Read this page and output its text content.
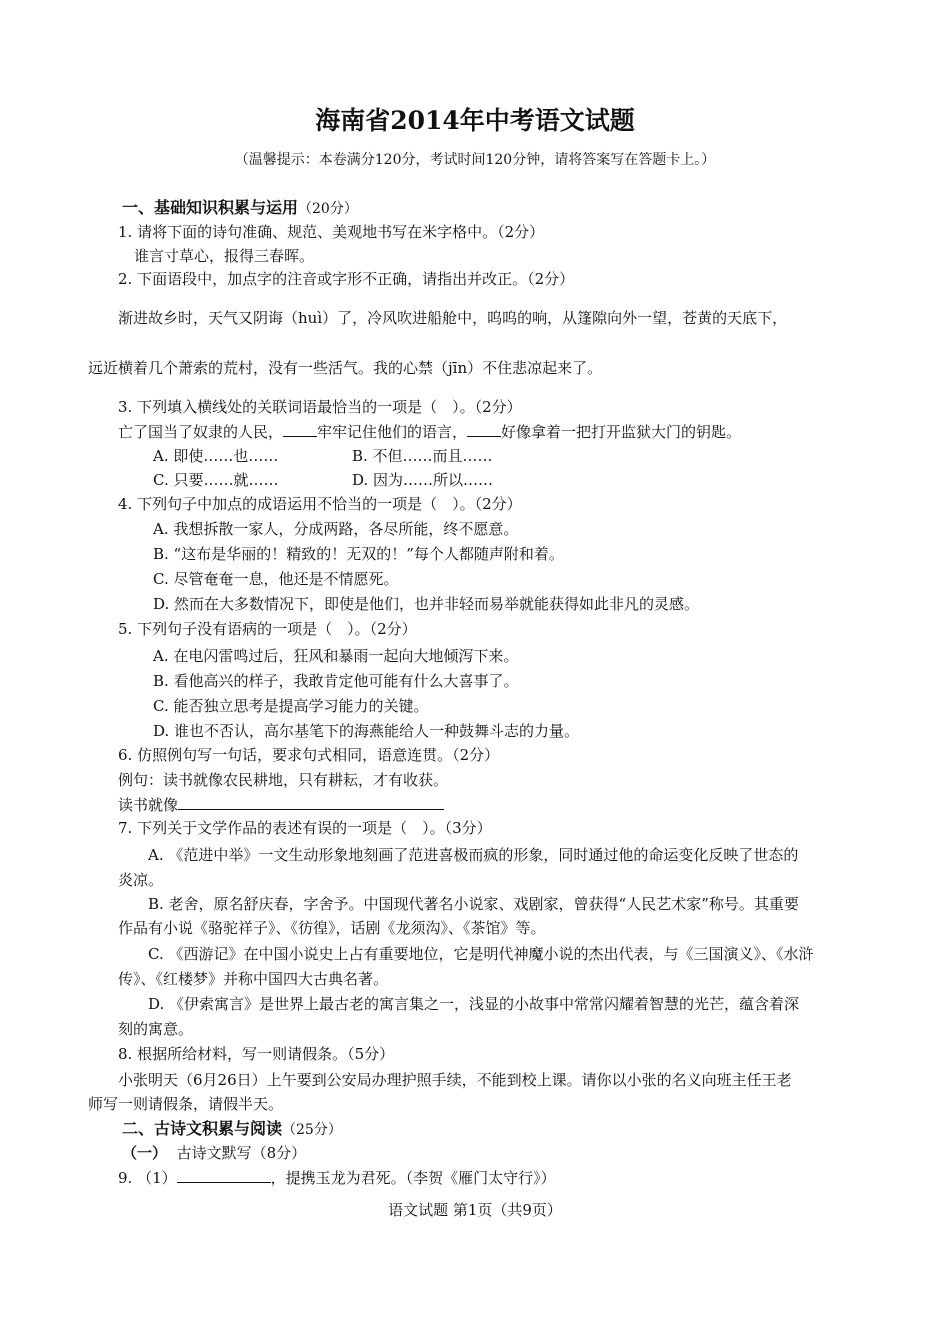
海南省2014年中考语文试题
（温馨提示：本卷满分120分，考试时间120分钟，请将答案写在答题卡上。）
一、基础知识积累与运用（20分）
1. 请将下面的诗句准确、规范、美观地书写在米字格中。（2分）
谁言寸草心，报得三春晖。
2. 下面语段中，加点字的注音或字形不正确，请指出并改正。（2分）
渐进故乡时，天气又阴诲（huì）了，冷风吹进船舱中，呜呜的响，从篷隙向外一望，苍黄的天底下，
远近横着几个萧索的荒村，没有一些活气。我的心禁（jīn）不住悲凉起来了。
3. 下列填入横线处的关联词语最恰当的一项是（　）。（2分）
亡了国当了奴隶的人民， 牢牢记住他们的语言， 好像拿着一把打开监狱大门的钥匙。
A. 即使……也……	B. 不但……而且……
C. 只要……就……	D. 因为……所以……
4. 下列句子中加点的成语运用不恰当的一项是（　）。（2分）
A. 我想拆散一家人，分成两路，各尽所能，终不愿意。
B. “这布是华丽的！精致的！无双的！”每个人都随声附和着。
C. 尽管奄奄一息，他还是不情愿死。
D. 然而在大多数情况下，即使是他们，也并非轻而易举就能获得如此非凡的灵感。
5. 下列句子没有语病的一项是（　）。（2分）
A. 在电闪雷鸣过后，狂风和暴雨一起向大地倾泻下来。
B. 看他高兴的样子，我敢肯定他可能有什么大喜事了。
C. 能否独立思考是提高学习能力的关键。
D. 谁也不否认，高尔基笔下的海燕能给人一种鼓舞斗志的力量。
6. 仿照例句写一句话，要求句式相同，语意连贯。（2分）
例句：读书就像农民耕地，只有耕耘，才有收获。
读书就像
7. 下列关于文学作品的表述有误的一项是（　）。（3分）
A. 《范进中举》一文生动形象地刻画了范进喜极而疯的形象，同时通过他的命运变化反映了世态的
炎凉。
B. 老舍，原名舒庆春，字舍予。中国现代著名小说家、戏剧家，曾获得“人民艺术家”称号。其重要
作品有小说《骆驼祥子》、《彷徨》，话剧《龙须沟》、《茶馆》等。
C. 《西游记》在中国小说史上占有重要地位，它是明代神魔小说的杰出代表，与《三国演义》、《水浒
传》、《红楼梦》并称中国四大古典名著。
D. 《伊索寓言》是世界上最古老的寓言集之一，浅显的小故事中常常闪耀着智慧的光芒，蕴含着深
刻的寓意。
8. 根据所给材料，写一则请假条。（5分）
小张明天（6月26日）上午要到公安局办理护照手续，不能到校上课。请你以小张的名义向班主任王老
师写一则请假条，请假半天。
二、古诗文积累与阅读（25分）
（一） 古诗文默写（8分）
9. （1）	，提携玉龙为君死。（李贺《雁门太守行》）
语文试题 第1页（共9页）
